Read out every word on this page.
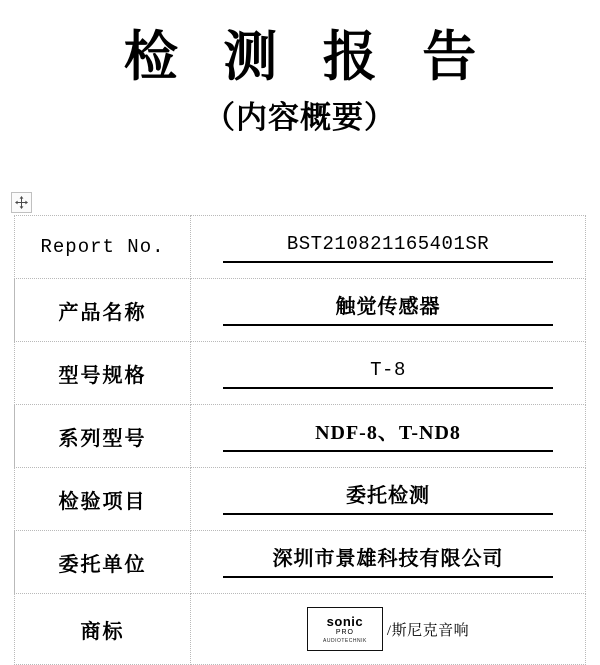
检 测 报 告
（内容概要）
Report No.	BST210821165401SR
产品名称	触觉传感器
型号规格	T-8
系列型号	NDF-8、T-ND8
检验项目	委托检测
委托单位	深圳市景雄科技有限公司
商标	sonic
PRO
AUDIOTECHNIK
/斯尼克音响
